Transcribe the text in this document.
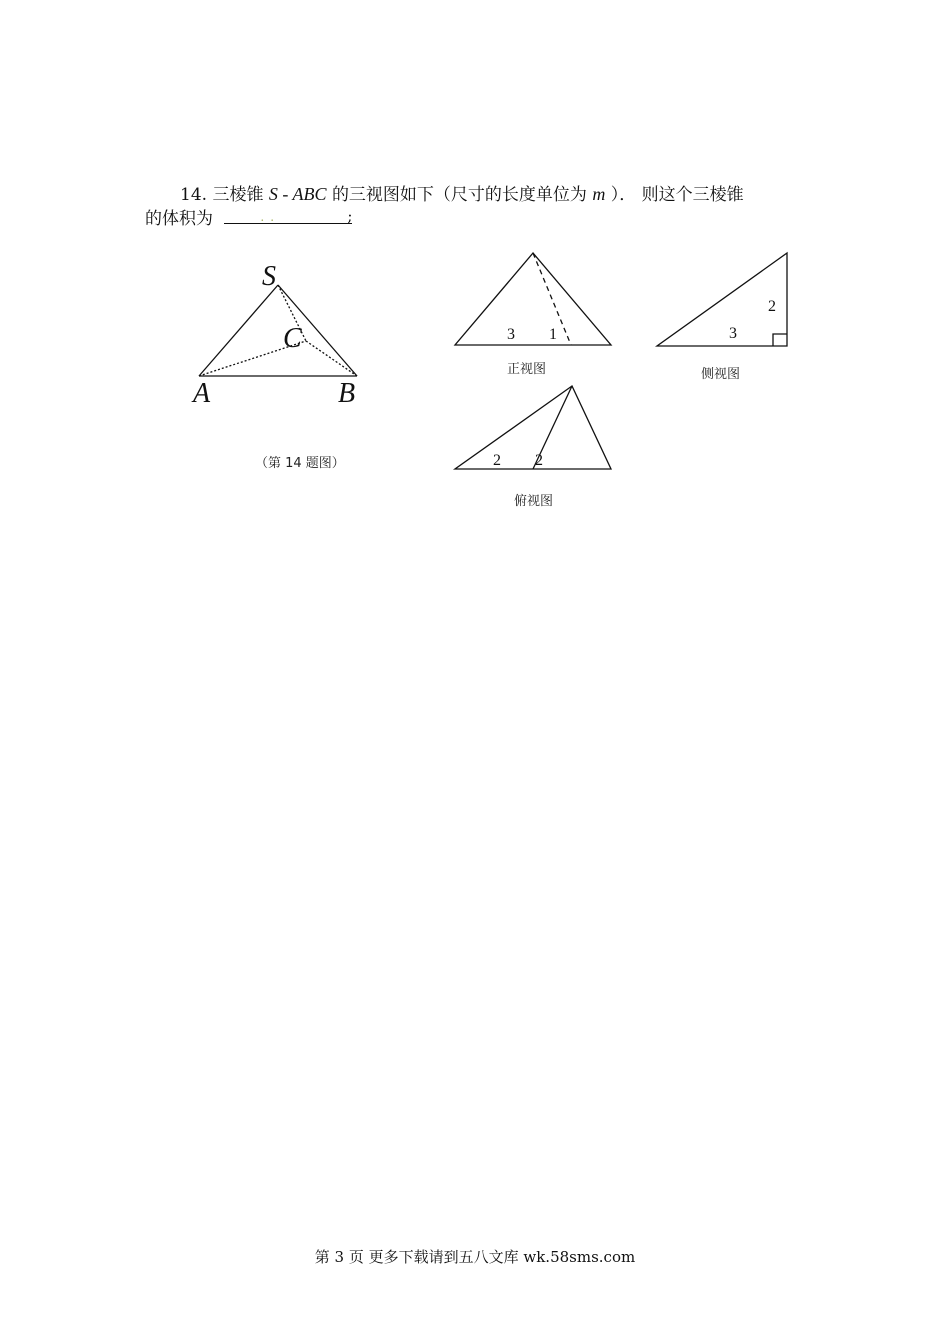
14. 三棱锥 S - ABC 的三视图如下（尺寸的长度单位为 m ）． 则这个三棱锥
的体积为	..	;
S
A	B
C
（第 14 题图）
3 1
正视图
3
2
侧视图
2 2
俯视图
第 3 页 更多下载请到五八文库 wk.58sms.com
